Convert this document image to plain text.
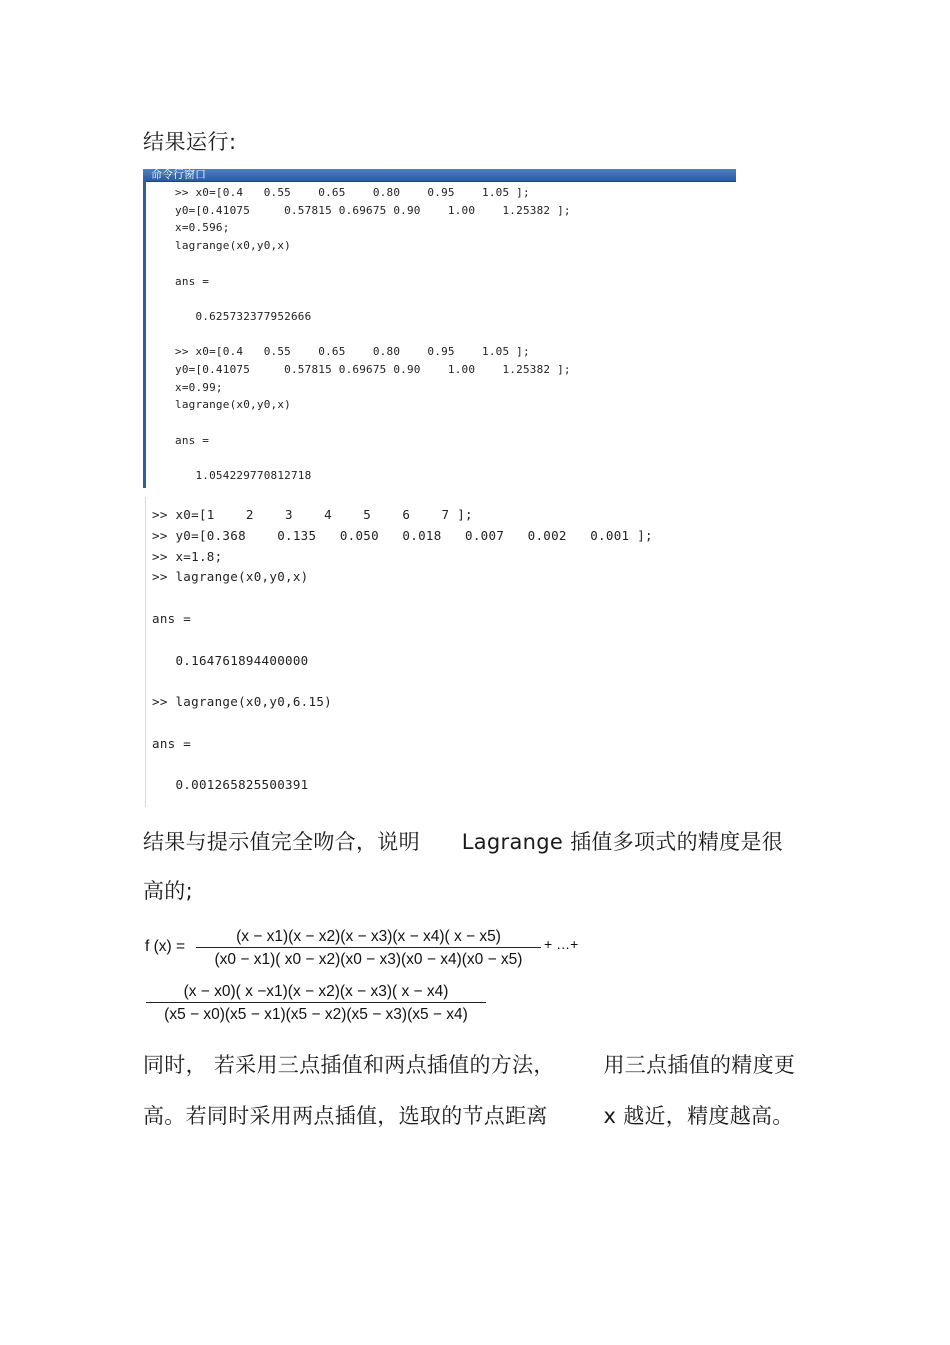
结果运行:
命令行窗口
>> x0=[0.4   0.55    0.65    0.80    0.95    1.05 ];
y0=[0.41075     0.57815 0.69675 0.90    1.00    1.25382 ];
x=0.596;
lagrange(x0,y0,x)

ans =

0.625732377952666

>> x0=[0.4   0.55    0.65    0.80    0.95    1.05 ];
y0=[0.41075     0.57815 0.69675 0.90    1.00    1.25382 ];
x=0.99;
lagrange(x0,y0,x)

ans =

1.054229770812718
>> x0=[1    2    3    4    5    6    7 ];
>> y0=[0.368    0.135   0.050   0.018   0.007   0.002   0.001 ];
>> x=1.8;
>> lagrange(x0,y0,x)

ans =

0.164761894400000

>> lagrange(x0,y0,6.15)

ans =

0.001265825500391
结果与提示值完全吻合，说明      Lagrange 插值多项式的精度是很
高的;
f $(x) = \frac{(x - x1)(x - x2)(x - x3)(x - x4)( x - x5)}{(x0 - x1)( x0 - x2)(x0 - x3)(x0 - x4)(x0 - x5)}$ + …+
$\frac{(x - x0)( x -x1)(x - x2)(x - x3)( x - x4)}{(x5 - x0)(x5 - x1)(x5 - x2)(x5 - x3)(x5 - x4)}$
同时， 若采用三点插值和两点插值的方法，       用三点插值的精度更
高。若同时采用两点插值，选取的节点距离        x 越近，精度越高。
